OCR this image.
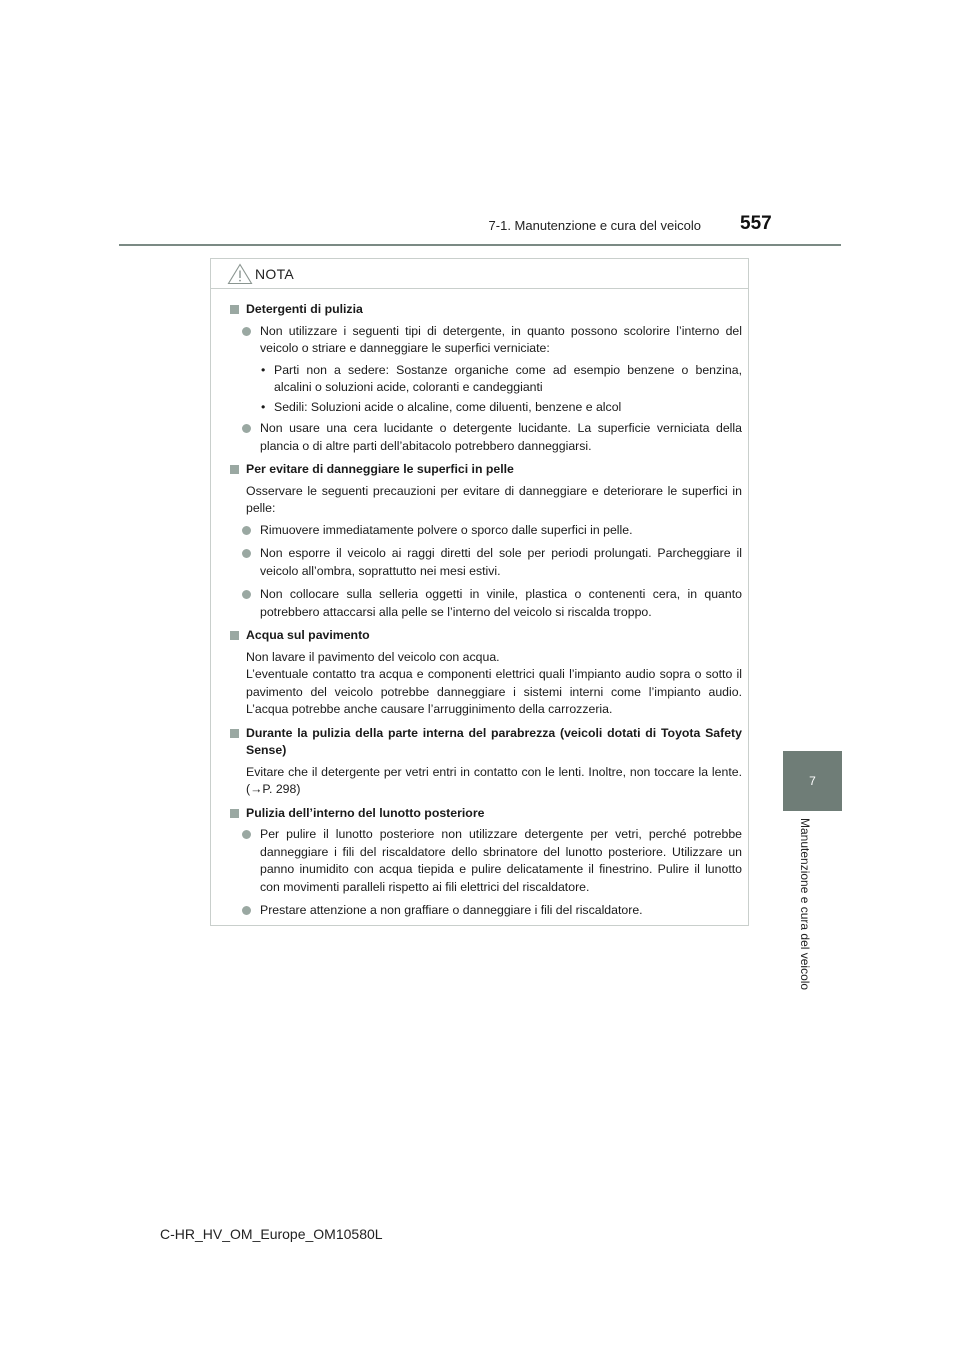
7-1. Manutenzione e cura del veicolo 557
7
Manutenzione e cura del veicolo
NOTA
Detergenti di pulizia
Non utilizzare i seguenti tipi di detergente, in quanto possono scolorire l’interno del veicolo o striare e danneggiare le superfici verniciate:
• Parti non a sedere: Sostanze organiche come ad esempio benzene o benzina, alcalini o soluzioni acide, coloranti e candeggianti
• Sedili: Soluzioni acide o alcaline, come diluenti, benzene e alcol
Non usare una cera lucidante o detergente lucidante. La superficie verniciata della plancia o di altre parti dell’abitacolo potrebbero danneggiarsi.
Per evitare di danneggiare le superfici in pelle
Osservare le seguenti precauzioni per evitare di danneggiare e deteriorare le superfici in pelle:
Rimuovere immediatamente polvere o sporco dalle superfici in pelle.
Non esporre il veicolo ai raggi diretti del sole per periodi prolungati. Parcheggiare il veicolo all’ombra, soprattutto nei mesi estivi.
Non collocare sulla selleria oggetti in vinile, plastica o contenenti cera, in quanto potrebbero attaccarsi alla pelle se l’interno del veicolo si riscalda troppo.
Acqua sul pavimento
Non lavare il pavimento del veicolo con acqua.
L’eventuale contatto tra acqua e componenti elettrici quali l’impianto audio sopra o sotto il pavimento del veicolo potrebbe danneggiare i sistemi interni come l’impianto audio. L’acqua potrebbe anche causare l’arrugginimento della carrozzeria.
Durante la pulizia della parte interna del parabrezza (veicoli dotati di Toyota Safety Sense)
Evitare che il detergente per vetri entri in contatto con le lenti. Inoltre, non toccare la lente. (→P. 298)
Pulizia dell’interno del lunotto posteriore
Per pulire il lunotto posteriore non utilizzare detergente per vetri, perché potrebbe danneggiare i fili del riscaldatore dello sbrinatore del lunotto posteriore. Utilizzare un panno inumidito con acqua tiepida e pulire delicatamente il finestrino. Pulire il lunotto con movimenti paralleli rispetto ai fili elettrici del riscaldatore.
Prestare attenzione a non graffiare o danneggiare i fili del riscaldatore.
C-HR_HV_OM_Europe_OM10580L
